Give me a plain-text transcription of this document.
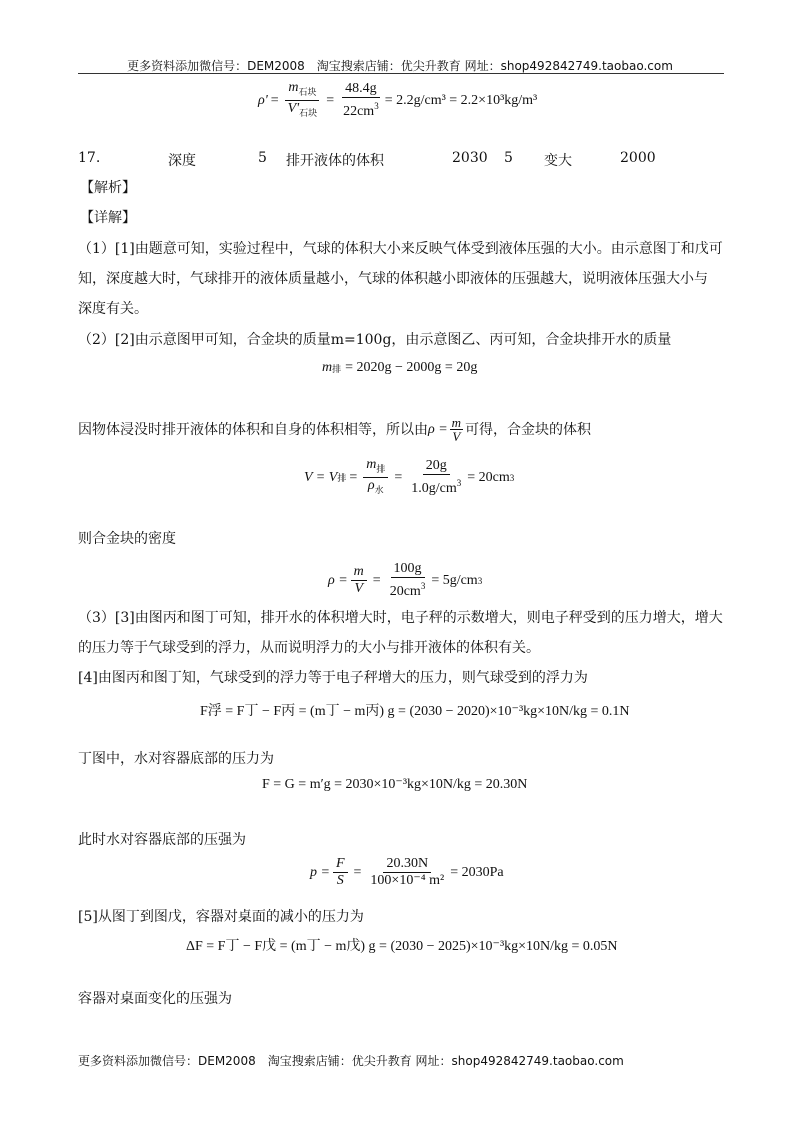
更多资料添加微信号：DEM2008　淘宝搜索店铺：优尖升教育 网址：shop492842749.taobao.com
$\rho' = \frac{m_{石块}}{V'_{石块}} = \frac{48.4g}{22cm^3} = 2.2g/cm^3 = 2.2\times 10^3kg/m^3$
17.	深度	5 排开液体的体积	2030 5 变大	2000
【解析】
【详解】
（1）[1]由题意可知，实验过程中，气球的体积大小来反映气体受到液体压强的大小。由示意图丁和戊可
知，深度越大时，气球排开的液体质量越小，气球的体积越小即液体的压强越大，说明液体压强大小与
深度有关。
（2）[2]由示意图甲可知，合金块的质量m=100g，由示意图乙、丙可知，合金块排开水的质量
m 排 = 2020g − 2000g = 20g
因物体浸没时排开液体的体积和自身的体积相等，所以由 $\rho = \frac{m}{V}$ 可得，合金块的体积
V = V 排 = $\frac{m_排}{\rho_水} = \frac{20g}{1.0g/cm^3} = 20cm$ 3
则合金块的密度
$\rho = \frac{m}{V} = \frac{100g}{20cm^3} = 5g/cm$ 3
（3）[3]由图丙和图丁可知，排开水的体积增大时，电子秤的示数增大，则电子秤受到的压力增大，增大
的压力等于气球受到的浮力，从而说明浮力的大小与排开液体的体积有关。
[4]由图丙和图丁知，气球受到的浮力等于电子秤增大的压力，则气球受到的浮力为
F浮 = F丁 − F丙 = (m丁 − m丙) g = (2030 − 2020)×10⁻³kg×10N/kg = 0.1N
丁图中，水对容器底部的压力为
F = G = m′g = 2030×10⁻³kg×10N/kg = 20.30N
此时水对容器底部的压强为
$p = \frac{F}{S} = \frac{20.30N}{\text{100×10⁻⁴ m²}} = 2030Pa$
[5]从图丁到图戊，容器对桌面的减小的压力为
ΔF = F丁 − F戊 = (m丁 − m戊) g = (2030 − 2025)×10⁻³kg×10N/kg = 0.05N
容器对桌面变化的压强为
更多资料添加微信号：DEM2008　淘宝搜索店铺：优尖升教育 网址：shop492842749.taobao.com
